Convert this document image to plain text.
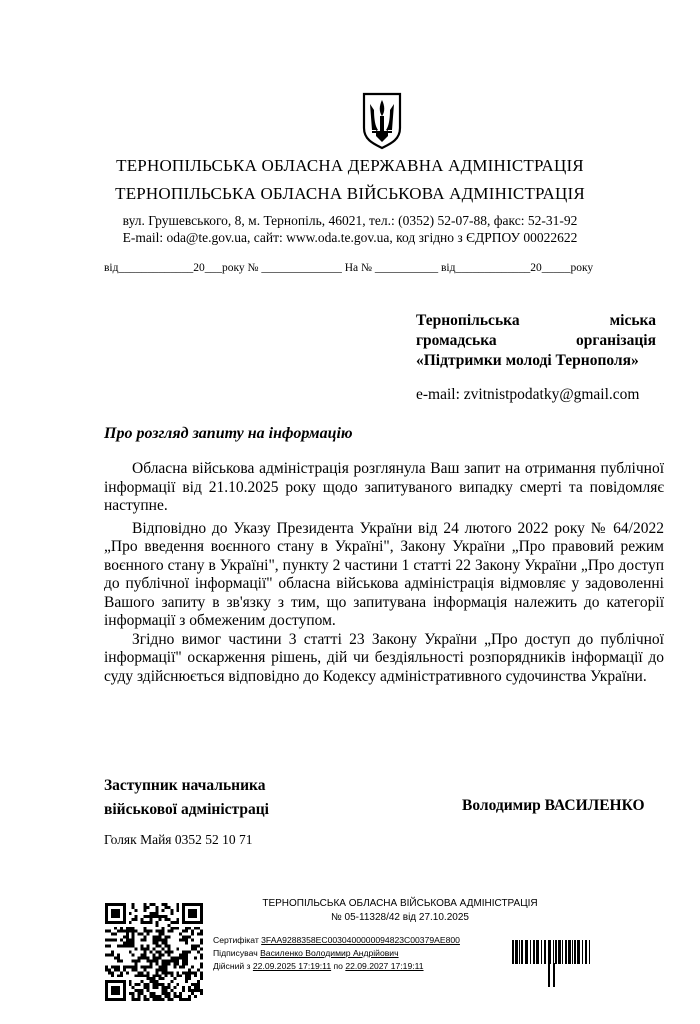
ТЕРНОПІЛЬСЬКА ОБЛАСНА ДЕРЖАВНА АДМІНІСТРАЦІЯ
ТЕРНОПІЛЬСЬКА ОБЛАСНА ВІЙСЬКОВА АДМІНІСТРАЦІЯ
вул. Грушевського, 8, м. Тернопіль, 46021, тел.: (0352) 52-07-88, факс: 52-31-92
E-mail: oda@te.gov.ua, сайт: www.oda.te.gov.ua, код згідно з ЄДРПОУ 00022622
від_____________20___року № ______________ На № ___________ від_____________20_____року
Тернопільська міська
громадська організація
«Підтримки молоді Тернополя»
e-mail: zvitnistpodatky@gmail.com
Про розгляд запиту на інформацію

Обласна військова адміністрація розглянула Ваш запит на отримання публічної інформації від 21.10.2025 року щодо запитуваного випадку смерті та повідомляє наступне.

Відповідно до Указу Президента України від 24 лютого 2022 року № 64/2022 „Про введення воєнного стану в Україні", Закону України „Про правовий режим воєнного стану в Україні", пункту 2 частини 1 статті 22 Закону України „Про доступ до публічної інформації" обласна військова адміністрація відмовляє у задоволенні Вашого запиту в зв'язку з тим, що запитувана інформація належить до категорії інформації з обмеженим доступом.

Згідно вимог частини 3 статті 23 Закону України „Про доступ до публічної інформації" оскарження рішень, дій чи бездіяльності розпорядників інформації до суду здійснюється відповідно до Кодексу адміністративного судочинства України.

Заступник начальника
військової адміністраці	Володимир ВАСИЛЕНКО
Голяк Майя 0352 52 10 71
ТЕРНОПІЛЬСЬКА ОБЛАСНА ВІЙСЬКОВА АДМІНІСТРАЦІЯ
№ 05-11328/42 від 27.10.2025
Сертифікат 3FAA9288358EC0030400000094823C00379AE800
Підписувач Василенко Володимир Андрійович
Дійсний з 22.09.2025 17:19:11 по 22.09.2027 17:19:11
